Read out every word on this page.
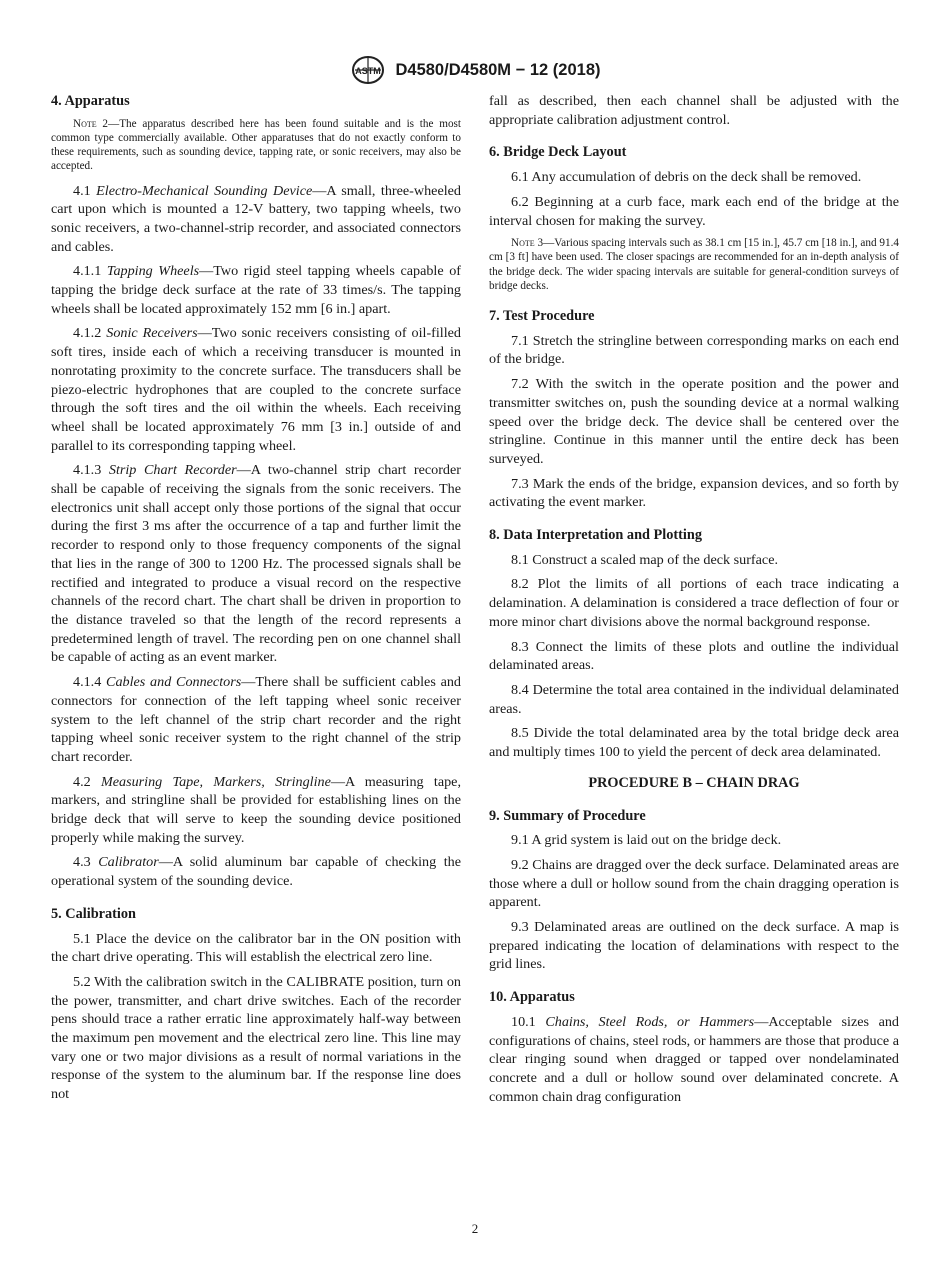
ASTM D4580/D4580M − 12 (2018)
4. Apparatus
Note 2—The apparatus described here has been found suitable and is the most common type commercially available. Other apparatuses that do not exactly conform to these requirements, such as sounding device, tapping rate, or sonic receivers, may also be accepted.

4.1 Electro-Mechanical Sounding Device—A small, three-wheeled cart upon which is mounted a 12-V battery, two tapping wheels, two sonic receivers, a two-channel-strip recorder, and associated connectors and cables.

4.1.1 Tapping Wheels—Two rigid steel tapping wheels capable of tapping the bridge deck surface at the rate of 33 times/s. The tapping wheels shall be located approximately 152 mm [6 in.] apart.

4.1.2 Sonic Receivers—Two sonic receivers consisting of oil-filled soft tires, inside each of which a receiving transducer is mounted in nonrotating proximity to the concrete surface. The transducers shall be piezo-electric hydrophones that are coupled to the concrete surface through the soft tires and the oil within the wheels. Each receiving wheel shall be located approximately 76 mm [3 in.] outside of and parallel to its corresponding tapping wheel.

4.1.3 Strip Chart Recorder—A two-channel strip chart recorder shall be capable of receiving the signals from the sonic receivers. The electronics unit shall accept only those portions of the signal that occur during the first 3 ms after the occurrence of a tap and further limit the recorder to respond only to those frequency components of the signal that lies in the range of 300 to 1200 Hz. The processed signals shall be rectified and integrated to produce a visual record on the respective channels of the record chart. The chart shall be driven in proportion to the distance traveled so that the length of the record represents a predetermined length of travel. The recording pen on one channel shall be capable of acting as an event marker.

4.1.4 Cables and Connectors—There shall be sufficient cables and connectors for connection of the left tapping wheel sonic receiver system to the left channel of the strip chart recorder and the right tapping wheel sonic receiver system to the right channel of the strip chart recorder.

4.2 Measuring Tape, Markers, Stringline—A measuring tape, markers, and stringline shall be provided for establishing lines on the bridge deck that will serve to keep the sounding device positioned properly while making the survey.

4.3 Calibrator—A solid aluminum bar capable of checking the operational system of the sounding device.

5. Calibration

5.1 Place the device on the calibrator bar in the ON position with the chart drive operating. This will establish the electrical zero line.

5.2 With the calibration switch in the CALIBRATE position, turn on the power, transmitter, and chart drive switches. Each of the recorder pens should trace a rather erratic line approximately half-way between the maximum pen movement and the electrical zero line. This line may vary one or two major divisions as a result of normal variations in the response of the system to the aluminum bar. If the response line does not

fall as described, then each channel shall be adjusted with the appropriate calibration adjustment control.

6. Bridge Deck Layout

6.1 Any accumulation of debris on the deck shall be removed.

6.2 Beginning at a curb face, mark each end of the bridge at the interval chosen for making the survey.

Note 3—Various spacing intervals such as 38.1 cm [15 in.], 45.7 cm [18 in.], and 91.4 cm [3 ft] have been used. The closer spacings are recommended for an in-depth analysis of the bridge deck. The wider spacing intervals are suitable for general-condition surveys of bridge decks.
7. Test Procedure

7.1 Stretch the stringline between corresponding marks on each end of the bridge.

7.2 With the switch in the operate position and the power and transmitter switches on, push the sounding device at a normal walking speed over the bridge deck. The device shall be centered over the stringline. Continue in this manner until the entire deck has been surveyed.

7.3 Mark the ends of the bridge, expansion devices, and so forth by activating the event marker.

8. Data Interpretation and Plotting

8.1 Construct a scaled map of the deck surface.

8.2 Plot the limits of all portions of each trace indicating a delamination. A delamination is considered a trace deflection of four or more minor chart divisions above the normal background response.

8.3 Connect the limits of these plots and outline the individual delaminated areas.

8.4 Determine the total area contained in the individual delaminated areas.

8.5 Divide the total delaminated area by the total bridge deck area and multiply times 100 to yield the percent of deck area delaminated.

PROCEDURE B – CHAIN DRAG
9. Summary of Procedure

9.1 A grid system is laid out on the bridge deck.

9.2 Chains are dragged over the deck surface. Delaminated areas are those where a dull or hollow sound from the chain dragging operation is apparent.

9.3 Delaminated areas are outlined on the deck surface. A map is prepared indicating the location of delaminations with respect to the grid lines.

10. Apparatus

10.1 Chains, Steel Rods, or Hammers—Acceptable sizes and configurations of chains, steel rods, or hammers are those that produce a clear ringing sound when dragged or tapped over nondelaminated concrete and a dull or hollow sound over delaminated concrete. A common chain drag configuration

2
